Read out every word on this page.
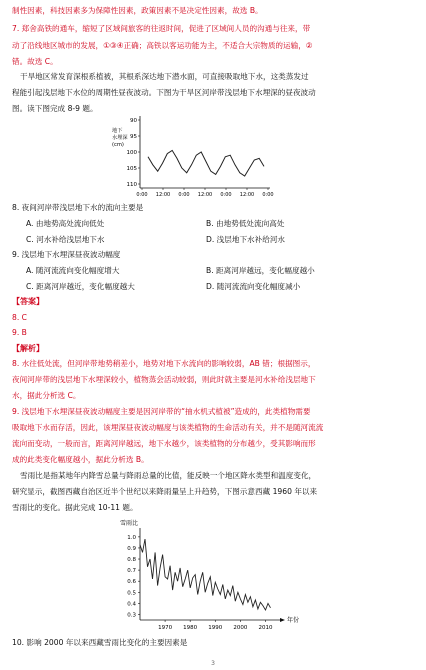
制性因素，科技因素多为保障性因素，政策因素不是决定性因素，故选 B。
7. 郑舍高铁的通车，缩短了区域间旅客的往返时间，促进了区域间人员的沟通与往来，带
动了沿线地区城市的发展，①③④正确；高铁以客运功能为主，不适合大宗物质的运输，②
错。故选 C。
干旱地区常发育深根系植被，其根系深达地下潜水面，可直接吸取地下水，这类蒸发过
程能引起浅层地下水位的周期性昼夜波动。下图为干旱区河岸带浅层地下水埋深的昼夜波动
图。读下图完成 8-9 题。
地下
水埋深
(cm)
90
95
100
105
110
0:00 12:00 0:00 12:00 0:00 12:00 0:00
8. 夜间河岸带浅层地下水的流向主要是
A. 由地势高处流向低处	B. 由地势低处流向高处
C. 河水补给浅层地下水	D. 浅层地下水补给河水
9. 浅层地下水埋深昼夜波动幅度
A. 随河流流向变化幅度增大	B. 距离河岸越远，变化幅度越小
C. 距离河岸越近，变化幅度越大	D. 随河流流向变化幅度减小
【答案】
8. C
9. B
【解析】
8. 水往低处流，但河岸带地势稍差小，地势对地下水流向的影响较弱，AB 错；根据图示，
夜间河岸带的浅层地下水埋深较小，植物蒸会活动较弱，则此时就主要是河水补给浅层地下
水，据此分析选 C。
9. 浅层地下水埋深昼夜波动幅度主要是因河岸带的“抽水机式植被”造成的，此类植物需要
吸取地下水而存活，因此，该埋深昼夜波动幅度与该类植物的生命活动有关，并不是随河流流
流向而变动，一般而言，距离河岸越远，地下水越少，该类植物的分布越少，受其影响而形
成的此类变化幅度越小，据此分析选 B。
雪雨比是指某地年内降雪总量与降雨总量的比值，能反映一个地区降水类型和温度变化，
研究显示，截图西藏自治区近半个世纪以来降雨量呈上升趋势，下图示意西藏 1960 年以来
雪雨比的变化。据此完成 10-11 题。
雪雨比
年份
1.0
0.9
0.8
0.7
0.6
0.5
0.4
0.3
1970 1980 1990 2000 2010
10. 影响 2000 年以来西藏雪雨比变化的主要因素是
3
